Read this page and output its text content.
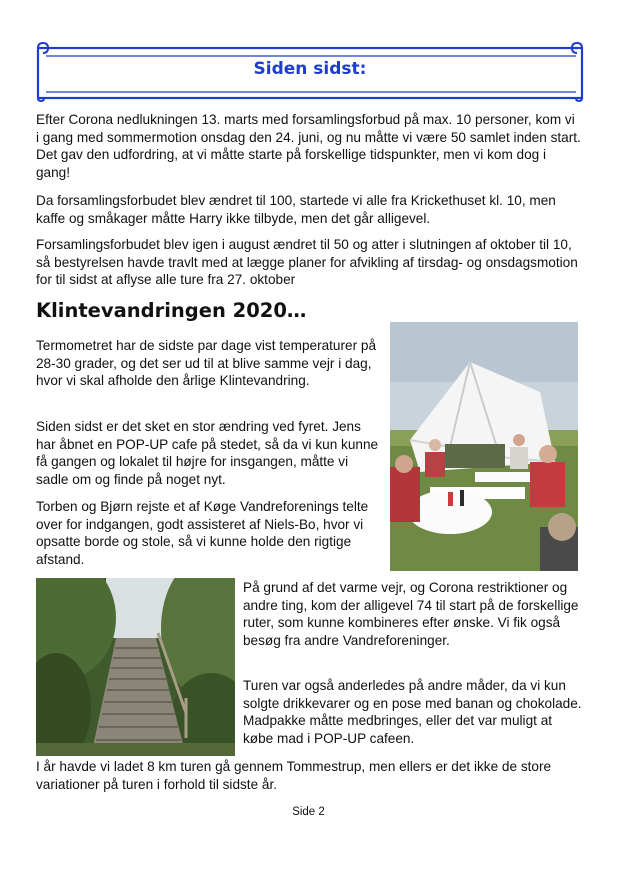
Siden sidst:

Efter Corona nedlukningen 13. marts med forsamlingsforbud på max. 10 personer, kom vi i gang med sommermotion onsdag den 24. juni, og nu måtte vi være 50 samlet inden start. Det gav den udfordring, at vi måtte starte på forskellige tidspunkter, men vi kom dog i gang!

Da forsamlingsforbudet blev ændret til 100, startede vi alle fra Krickethuset kl. 10, men kaffe og småkager måtte Harry ikke tilbyde, men det går alligevel.

Forsamlingsforbudet blev igen i august ændret til 50 og atter i slutningen af oktober til 10, så bestyrelsen havde travlt med at lægge planer for afvikling af tirsdag- og onsdagsmotion for til sidst at aflyse alle ture fra 27. oktober

Klintevandringen 2020…

Termometret har de sidste par dage vist temperaturer på 28-30 grader, og det ser ud til at blive samme vejr i dag, hvor vi skal afholde den årlige Klintevandring.

Siden sidst er det sket en stor ændring ved fyret. Jens har åbnet en POP-UP cafe på stedet, så da vi kun kunne få gangen og lokalet til højre for insgangen, måtte vi sadle om og finde på noget nyt.

Torben og Bjørn rejste et af Køge Vandreforenings telte over for indgangen, godt assisteret af Niels-Bo, hvor vi opsatte borde og stole, så vi kunne holde den rigtige afstand.

På grund af det varme vejr, og Corona restriktioner og andre ting, kom der alligevel 74 til start på de forskellige ruter, som kunne kombineres efter ønske. Vi fik også besøg fra andre Vandreforeninger.

Turen var også anderledes på andre måder, da vi kun solgte drikkevarer og en pose med banan og chokolade. Madpakke måtte medbringes, eller det var muligt at købe mad i POP-UP cafeen.

I år havde vi ladet 8 km turen gå gennem Tommestrup, men ellers er det ikke de store variationer på turen i forhold til sidste år.

Side 2
